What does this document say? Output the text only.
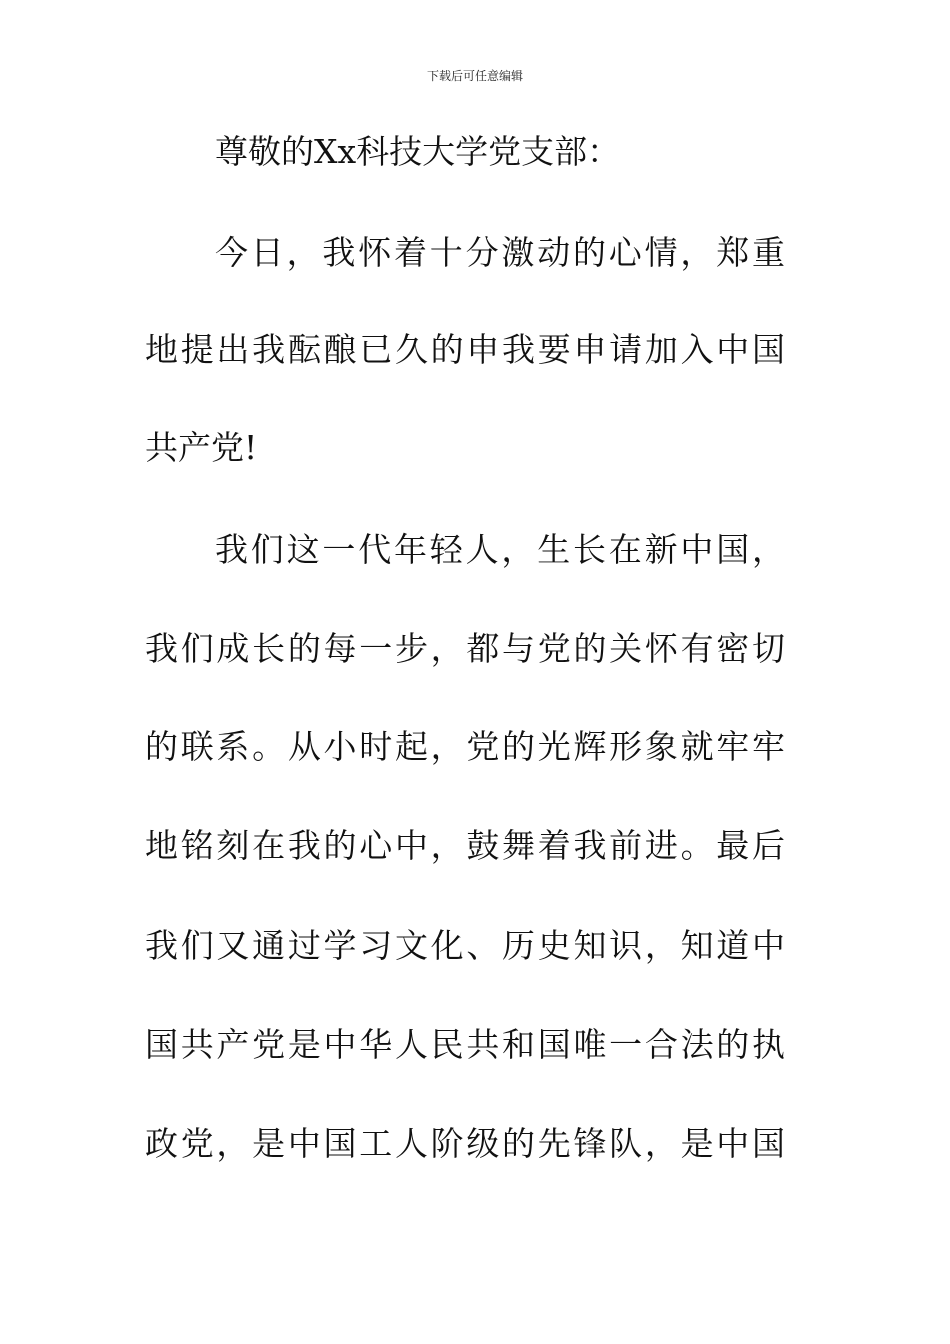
下载后可任意编辑
尊敬的Xx科技大学党支部：
今日，我怀着十分激动的心情，郑重
地提出我酝酿已久的申我要申请加入中国
共产党!
我们这一代年轻人，生长在新中国，
我们成长的每一步，都与党的关怀有密切
的联系。从小时起，党的光辉形象就牢牢
地铭刻在我的心中，鼓舞着我前进。最后
我们又通过学习文化、历史知识，知道中
国共产党是中华人民共和国唯一合法的执
政党，是中国工人阶级的先锋队，是中国
